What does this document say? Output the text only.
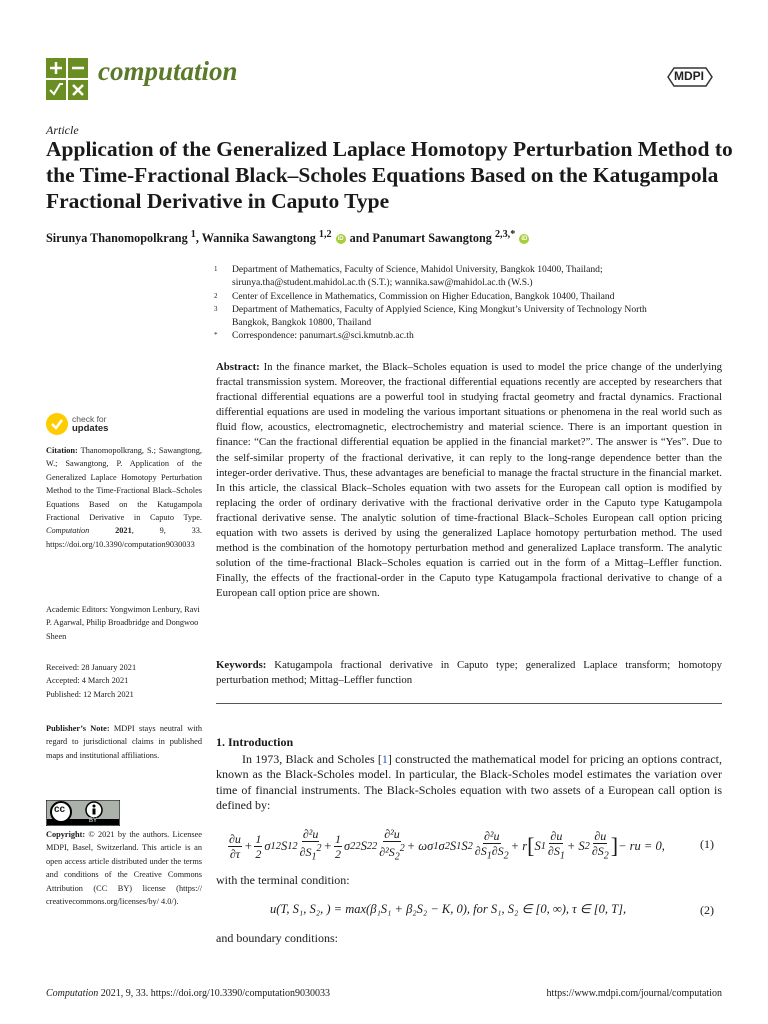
computation	MDPI
Article
Application of the Generalized Laplace Homotopy Perturbation Method to the Time-Fractional Black–Scholes Equations Based on the Katugampola Fractional Derivative in Caputo Type
Sirunya Thanomopolkrang $^1$, Wannika Sawangtong $^{1,2}$ iD and Panumart Sawangtong $^{2,3,*}$ iD
1	Department of Mathematics, Faculty of Science, Mahidol University, Bangkok 10400, Thailand;
sirunya.tha@student.mahidol.ac.th (S.T.); wannika.saw@mahidol.ac.th (W.S.)
2	Center of Excellence in Mathematics, Commission on Higher Education, Bangkok 10400, Thailand
3	Department of Mathematics, Faculty of Applyied Science, King Mongkut’s University of Technology North
Bangkok, Bangkok 10800, Thailand
*	Correspondence: panumart.s@sci.kmutnb.ac.th
Abstract: In the finance market, the Black–Scholes equation is used to model the price change of the underlying fractal transmission system. Moreover, the fractional differential equations recently are accepted by researchers that fractional differential equations are a powerful tool in studying fractal geometry and fractal dynamics. Fractional differential equations are used in modeling the various important situations or phenomena in the real world such as fluid flow, acoustics, electromagnetic, electrochemistry and material science. There is an important question in finance: “Can the fractional differential equation be applied in the financial market?”. The answer is “Yes”. Due to the self-similar property of the fractional derivative, it can reply to the long-range dependence better than the integer-order derivative. Thus, these advantages are beneficial to manage the fractal structure in the financial market. In this article, the classical Black–Scholes equation with two assets for the European call option is modified by replacing the order of ordinary derivative with the fractional derivative order in the Caputo type Katugampola fractional derivative sense. The analytic solution of time-fractional Black–Scholes European call option pricing equation with two assets is derived by using the generalized Laplace homotopy perturbation method. The used method is the combination of the homotopy perturbation method and generalized Laplace transform. The analytic solution of the time-fractional Black–Scholes equation is carried out in the form of a Mittag–Leffler function. Finally, the effects of the fractional-order in the Caputo type Katugampola fractional derivative to change of a European call option price are shown.
Keywords: Katugampola fractional derivative in Caputo type; generalized Laplace transform; homotopy perturbation method; Mittag–Leffler function
check for
updates
Citation: Thanomopolkrang, S.; Sawangtong, W.; Sawangtong, P. Application of the Generalized Laplace Homotopy Perturbation Method to the Time-Fractional Black–Scholes Equations Based on the Katugampola Fractional Derivative in Caputo Type. Computation 2021, 9, 33. https://doi.org/10.3390/computation9030033
Academic Editors: Yongwimon Lenbury, Ravi P. Agarwal, Philip Broadbridge and Dongwoo Sheen
Received: 28 January 2021
Accepted: 4 March 2021
Published: 12 March 2021
Publisher’s Note: MDPI stays neutral with regard to jurisdictional claims in published maps and institutional affiliations.
cc
BY
Copyright: © 2021 by the authors. Licensee MDPI, Basel, Switzerland. This article is an open access article distributed under the terms and conditions of the Creative Commons Attribution (CC BY) license (https:// creativecommons.org/licenses/by/ 4.0/).
1. Introduction
In 1973, Black and Scholes [1] constructed the mathematical model for pricing an options contract, known as the Black-Scholes model. In particular, the Black-Scholes model estimates the variation over time of financial instruments. The Black-Scholes equation with two assets of a European call option is defined by:
$\frac{\partial u}{\partial\tau} + \frac{1}{2}$ σ 1 2 S 1 $2 \frac{\text{∂²u}}{\partial S_1^2} + \frac{1}{2}$ σ 2 2 S 2 $2 \frac{\text{∂²u}}{\partial^2S_2^2} + \omega\sigma$ 1 σ 2 S 1 S $2 \frac{\text{∂²u}}{\partial S_1\partial S_2} + r$ [ S $1 \frac{\partial u}{\partial S_1} + S$ $2 \frac{\partial u}{\partial S_2}$ ] − ru = 0,	(1)
with the terminal condition:
u(T, S₁, S₂, ) = max(β₁S₁ + β₂S₂ − K, 0), for S₁, S₂ ∈ [0, ∞), τ ∈ [0, T],	(2)
and boundary conditions:
Computation 2021, 9, 33. https://doi.org/10.3390/computation9030033	https://www.mdpi.com/journal/computation
